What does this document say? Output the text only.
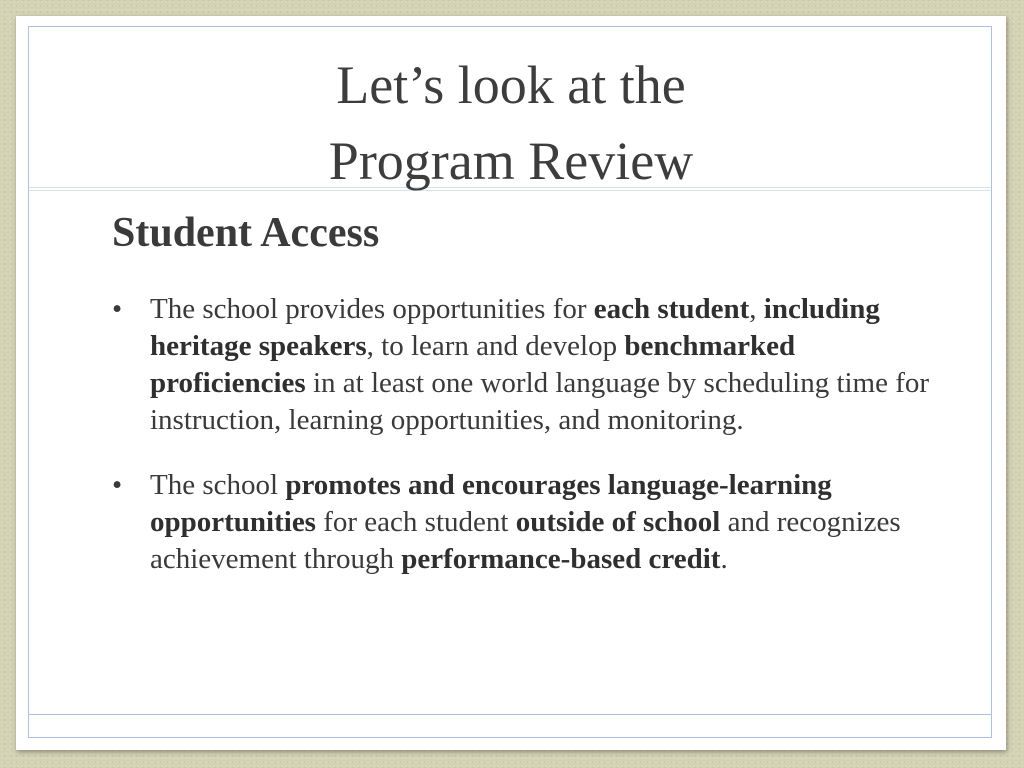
Let’s look at the
Program Review
Student Access
• The school provides opportunities for each student, including heritage speakers, to learn and develop benchmarked proficiencies in at least one world language by scheduling time for instruction, learning opportunities, and monitoring.
• The school promotes and encourages language-learning opportunities for each student outside of school and recognizes achievement through performance-based credit.
